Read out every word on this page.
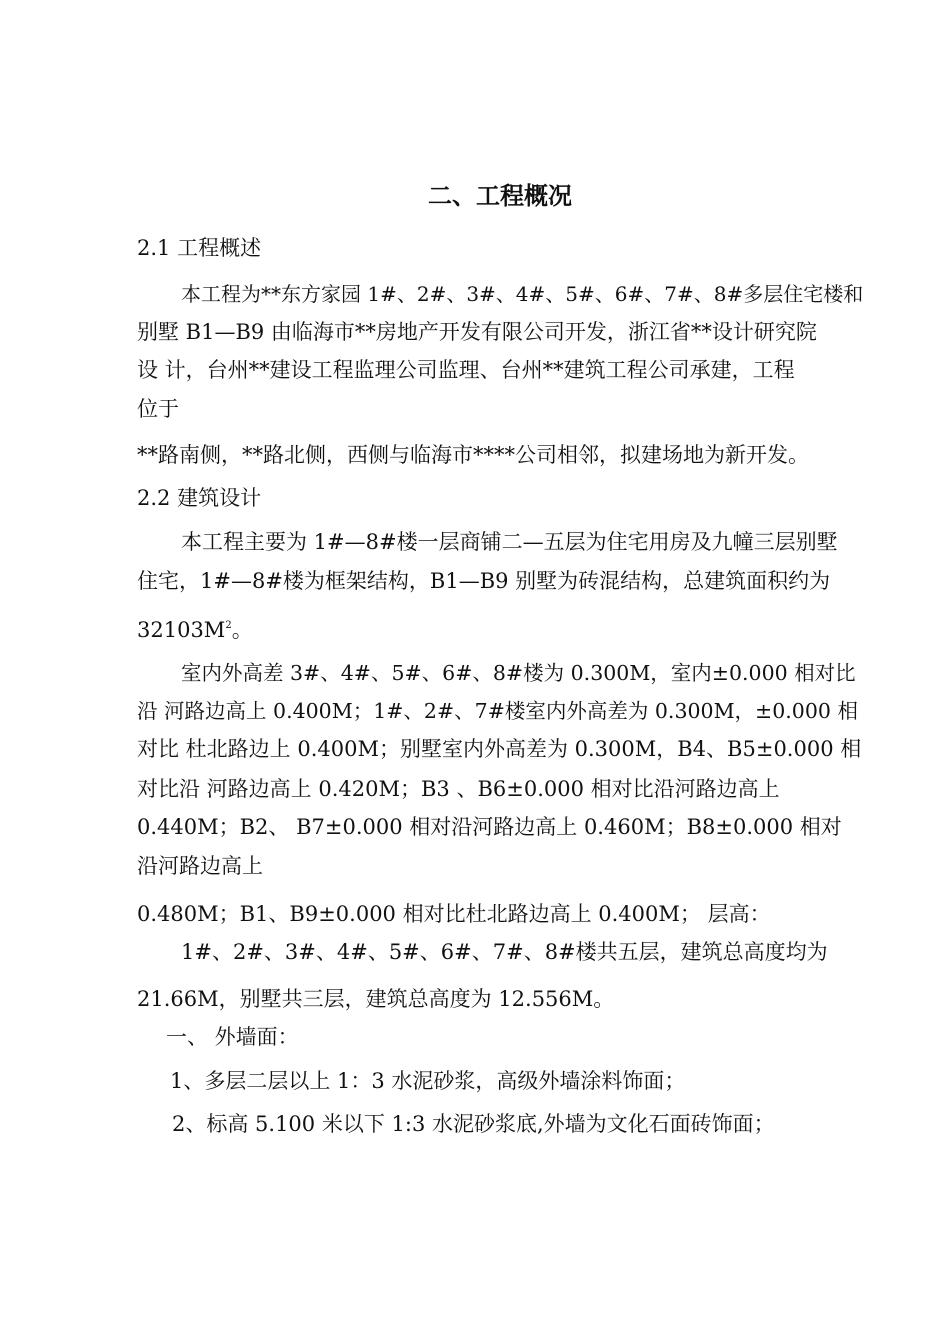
二、工程概况

2.1 工程概述

本工程为**东方家园 1#、2#、3#、4#、5#、6#、7#、8#多层住宅楼和

别墅 B1—B9 由临海市**房地产开发有限公司开发，浙江省**设计研究院

设 计，台州**建设工程监理公司监理、台州**建筑工程公司承建，工程

位于

**路南侧，**路北侧，西侧与临海市****公司相邻，拟建场地为新开发。

2.2 建筑设计

本工程主要为 1#—8#楼一层商铺二—五层为住宅用房及九幢三层别墅

住宅，1#—8#楼为框架结构，B1—B9 别墅为砖混结构，总建筑面积约为

$32103M^2$。

室内外高差 3#、4#、5#、6#、8#楼为 0.300M，室内±0.000 相对比

沿 河路边高上 0.400M；1#、2#、7#楼室内外高差为 0.300M，±0.000 相

对比 杜北路边上 0.400M；别墅室内外高差为 0.300M，B4、B5±0.000 相

对比沿 河路边高上 0.420M；B3 、B6±0.000 相对比沿河路边高上

0.440M；B2、 B7±0.000 相对沿河路边高上 0.460M；B8±0.000 相对

沿河路边高上

0.480M；B1、B9±0.000 相对比杜北路边高上 0.400M； 层高：

1#、2#、3#、4#、5#、6#、7#、8#楼共五层，建筑总高度均为

21.66M，别墅共三层，建筑总高度为 12.556M。

一、 外墙面：

1、多层二层以上 1：3 水泥砂浆，高级外墙涂料饰面；

2、标高 5.100 米以下 1:3 水泥砂浆底,外墙为文化石面砖饰面；
